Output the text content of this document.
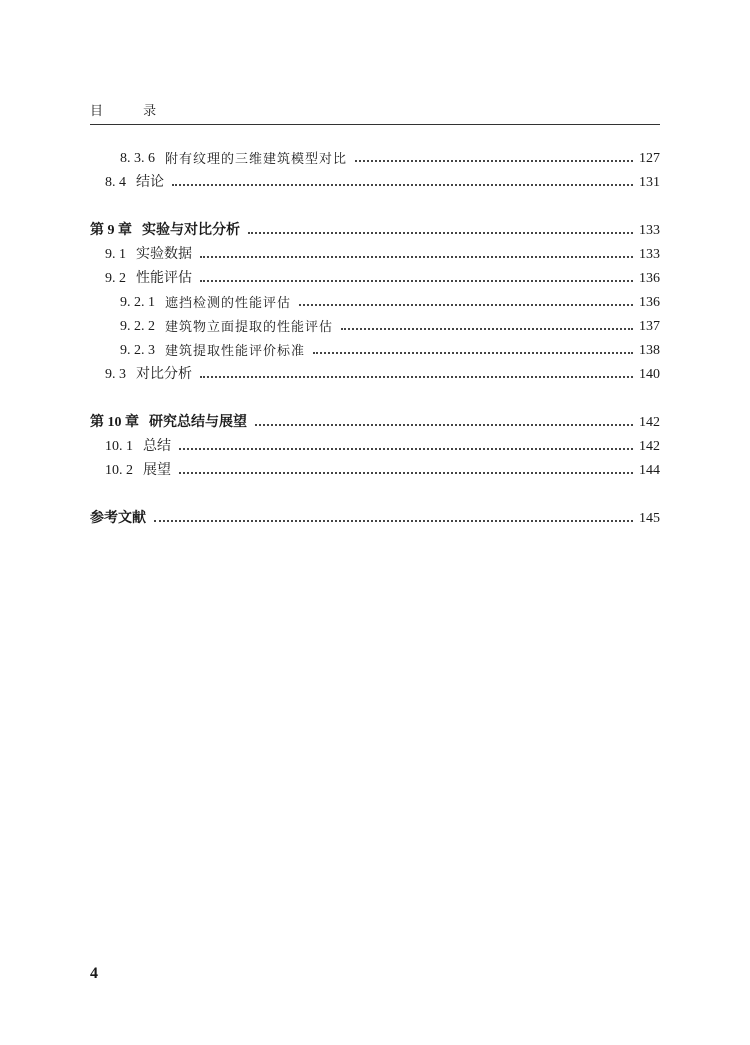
目 录
8. 3. 6 附有纹理的三维建筑模型对比	127
8. 4 结论	131
第 9 章 实验与对比分析	133
9. 1 实验数据	133
9. 2 性能评估	136
9. 2. 1 遮挡检测的性能评估	136
9. 2. 2 建筑物立面提取的性能评估	137
9. 2. 3 建筑提取性能评价标准	138
9. 3 对比分析	140
第 10 章 研究总结与展望	142
10. 1 总结	142
10. 2 展望	144
参考文献	145
4
